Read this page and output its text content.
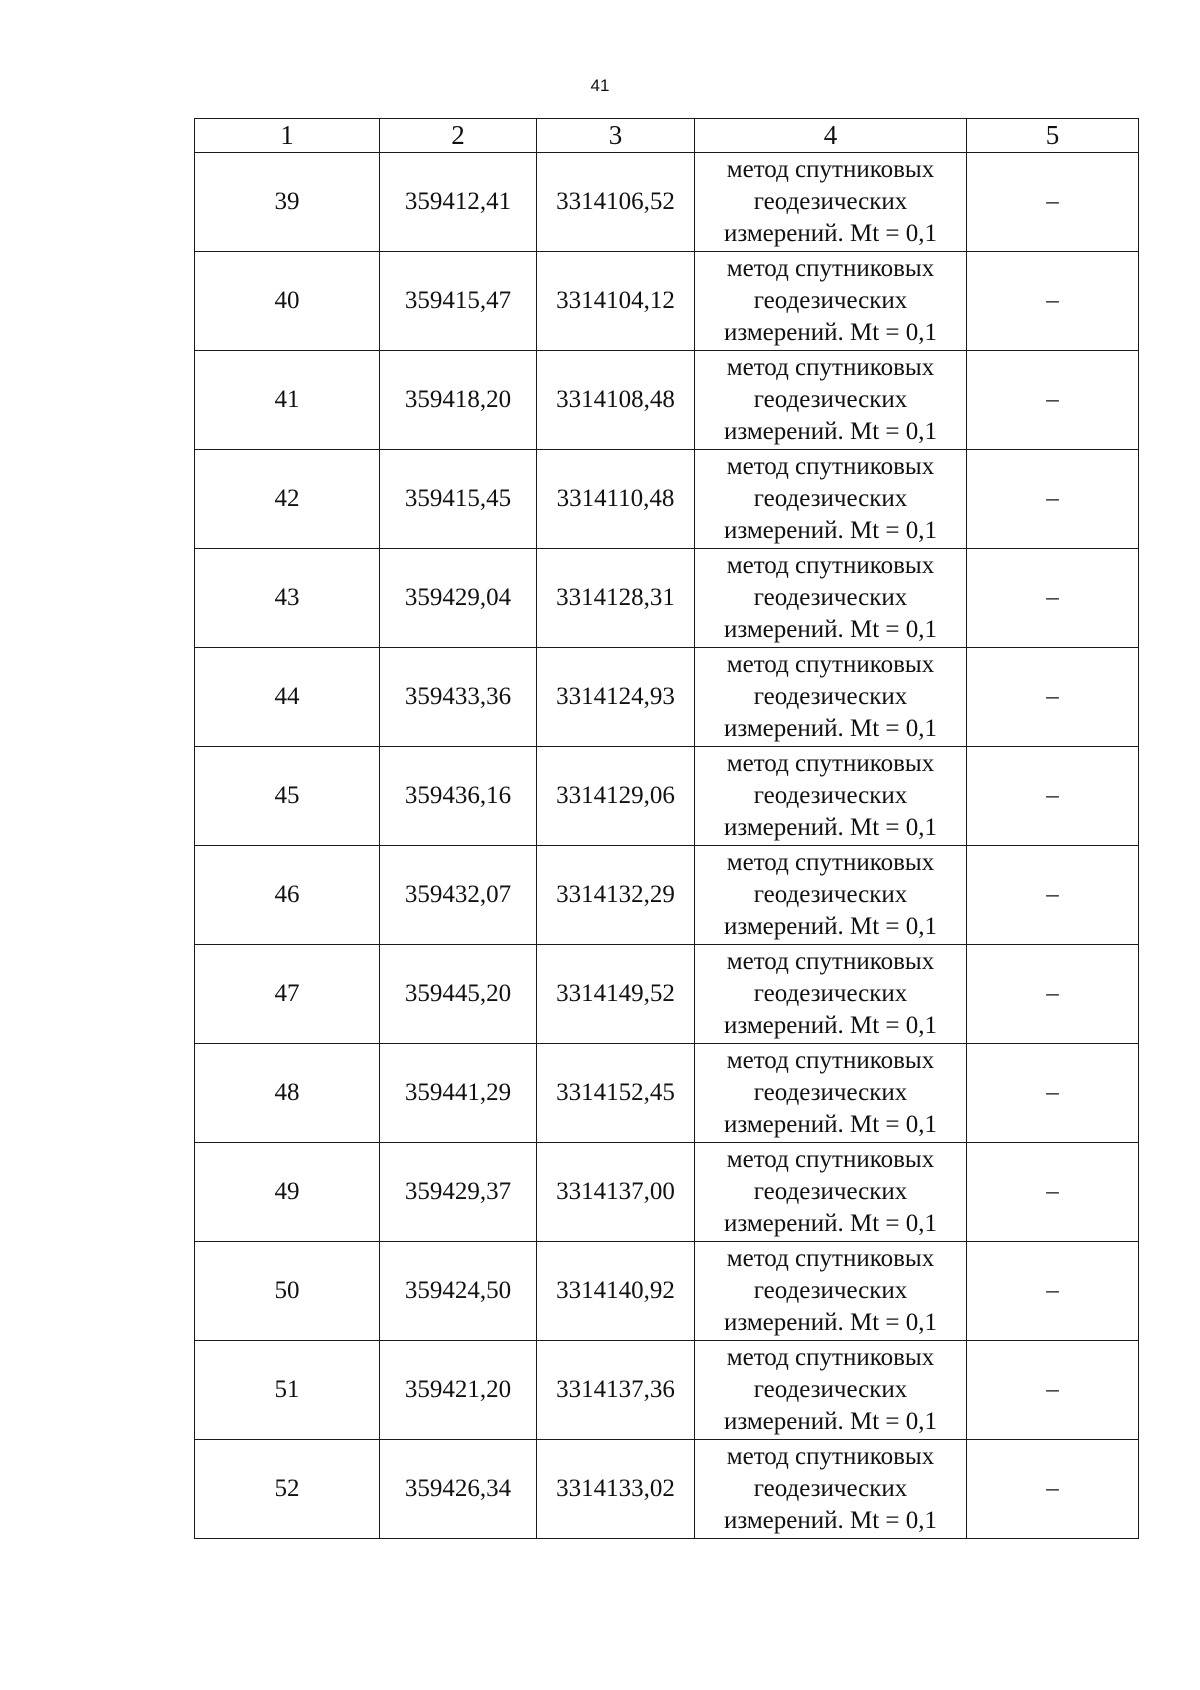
41
1	2	3	4	5
39	359412,41	3314106,52	метод спутниковых
геодезических
измерений. Mt = 0,1	–
40	359415,47	3314104,12	метод спутниковых
геодезических
измерений. Mt = 0,1	–
41	359418,20	3314108,48	метод спутниковых
геодезических
измерений. Mt = 0,1	–
42	359415,45	3314110,48	метод спутниковых
геодезических
измерений. Mt = 0,1	–
43	359429,04	3314128,31	метод спутниковых
геодезических
измерений. Mt = 0,1	–
44	359433,36	3314124,93	метод спутниковых
геодезических
измерений. Mt = 0,1	–
45	359436,16	3314129,06	метод спутниковых
геодезических
измерений. Mt = 0,1	–
46	359432,07	3314132,29	метод спутниковых
геодезических
измерений. Mt = 0,1	–
47	359445,20	3314149,52	метод спутниковых
геодезических
измерений. Mt = 0,1	–
48	359441,29	3314152,45	метод спутниковых
геодезических
измерений. Mt = 0,1	–
49	359429,37	3314137,00	метод спутниковых
геодезических
измерений. Mt = 0,1	–
50	359424,50	3314140,92	метод спутниковых
геодезических
измерений. Mt = 0,1	–
51	359421,20	3314137,36	метод спутниковых
геодезических
измерений. Mt = 0,1	–
52	359426,34	3314133,02	метод спутниковых
геодезических
измерений. Mt = 0,1	–
